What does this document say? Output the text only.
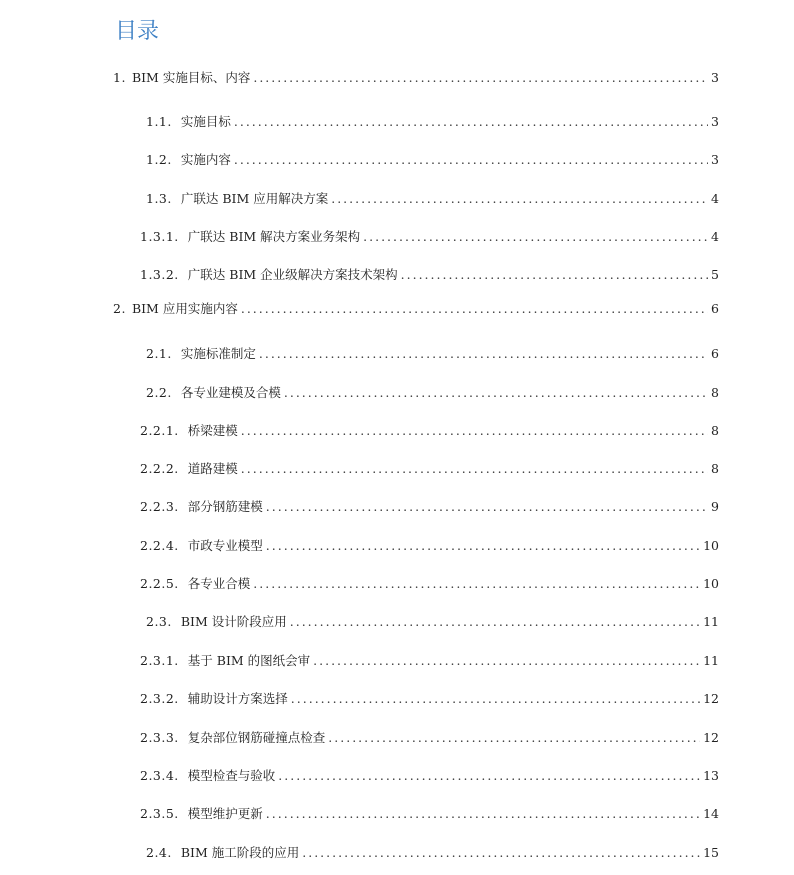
目录
1. BIM 实施目标、内容 .....	3
1.1. 实施目标 .....	3
1.2. 实施内容 .....	3
1.3. 广联达 BIM 应用解决方案 .....	4
1.3.1. 广联达 BIM 解决方案业务架构 .....	4
1.3.2. 广联达 BIM 企业级解决方案技术架构 .....	5
2. BIM 应用实施内容 .....	6
2.1. 实施标准制定 .....	6
2.2. 各专业建模及合模 .....	8
2.2.1. 桥梁建模 .....	8
2.2.2. 道路建模 .....	8
2.2.3. 部分钢筋建模 .....	9
2.2.4. 市政专业模型 .....	10
2.2.5. 各专业合模 .....	10
2.3. BIM 设计阶段应用 .....	11
2.3.1. 基于 BIM 的图纸会审 .....	11
2.3.2. 辅助设计方案选择 .....	12
2.3.3. 复杂部位钢筋碰撞点检查 .....	12
2.3.4. 模型检查与验收 .....	13
2.3.5. 模型维护更新 .....	14
2.4. BIM 施工阶段的应用 .....	15
